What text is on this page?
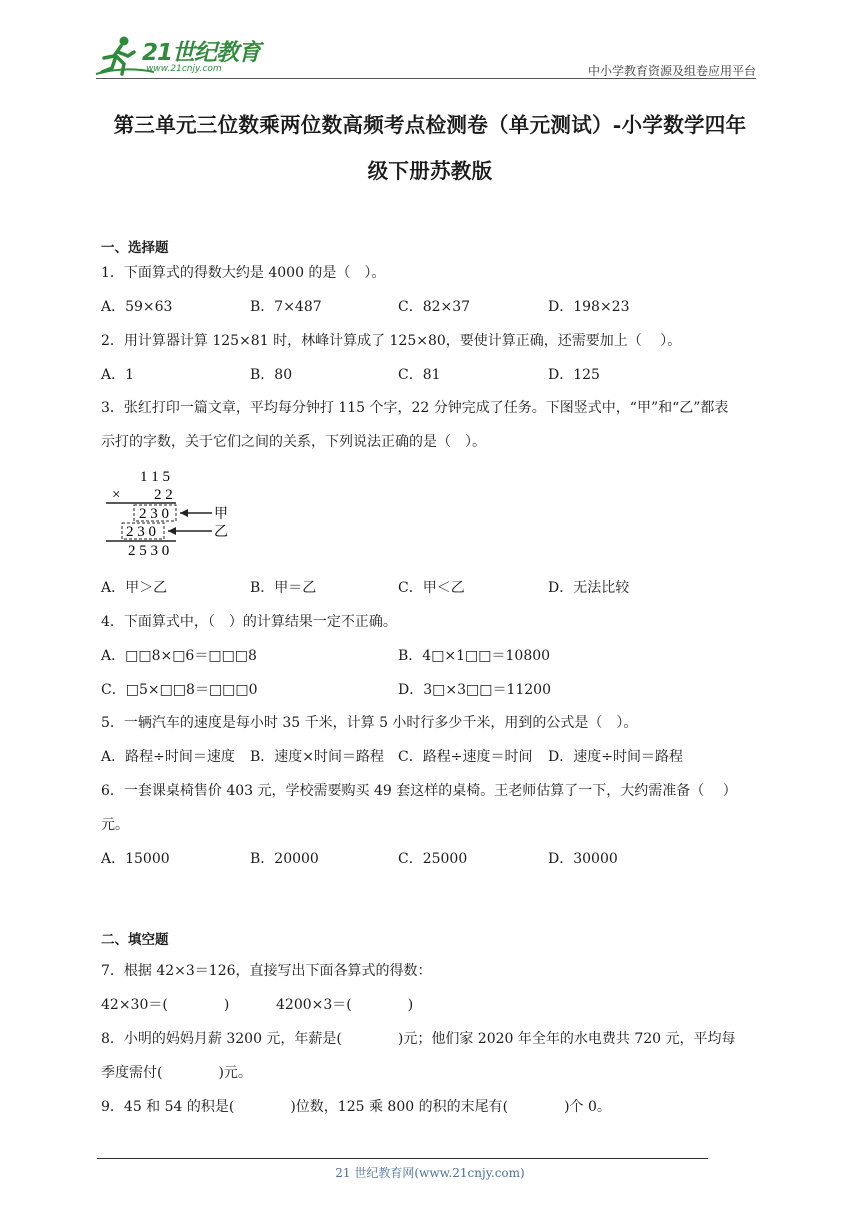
21世纪教育
www.21cnjy.com	中小学教育资源及组卷应用平台
第三单元三位数乘两位数高频考点检测卷（单元测试）-小学数学四年
级下册苏教版
一、选择题
1．下面算式的得数大约是 4000 的是（　）。
A．59×63	B．7×487	C．82×37	D．198×23
2．用计算器计算 125×81 时，林峰计算成了 125×80，要使计算正确，还需要加上（　 ）。
A．1	B．80	C．81	D．125
3．张红打印一篇文章，平均每分钟打 115 个字，22 分钟完成了任务。下图竖式中，“甲”和“乙”都表
示打的字数，关于它们之间的关系，下列说法正确的是（　）。
1 1 5
× 2 2
2 3 0
2 3 0
2 5 3 0
甲
乙
A．甲＞乙	B．甲＝乙	C．甲＜乙	D．无法比较
4．下面算式中，（　）的计算结果一定不正确。
A．□□8×□6＝□□□8	B．4□×1□□＝10800
C．□5×□□8＝□□□0	D．3□×3□□＝11200
5．一辆汽车的速度是每小时 35 千米，计算 5 小时行多少千米，用到的公式是（　）。
A．路程÷时间＝速度 B．速度×时间＝路程 C．路程÷速度＝时间 D．速度÷时间＝路程
6．一套课桌椅售价 403 元，学校需要购买 49 套这样的桌椅。王老师估算了一下，大约需准备（　 ）
元。
A．15000	B．20000	C．25000	D．30000
二、填空题
7．根据 42×3＝126，直接写出下面各算式的得数：
42×30＝(　　　　)	4200×3＝(　　　　)
8．小明的妈妈月薪 3200 元，年薪是(　　　　)元；他们家 2020 年全年的水电费共 720 元，平均每
季度需付(　　　　)元。
9．45 和 54 的积是(　　　　)位数，125 乘 800 的积的末尾有(　　　　)个 0。
21 世纪教育网(www.21cnjy.com)
